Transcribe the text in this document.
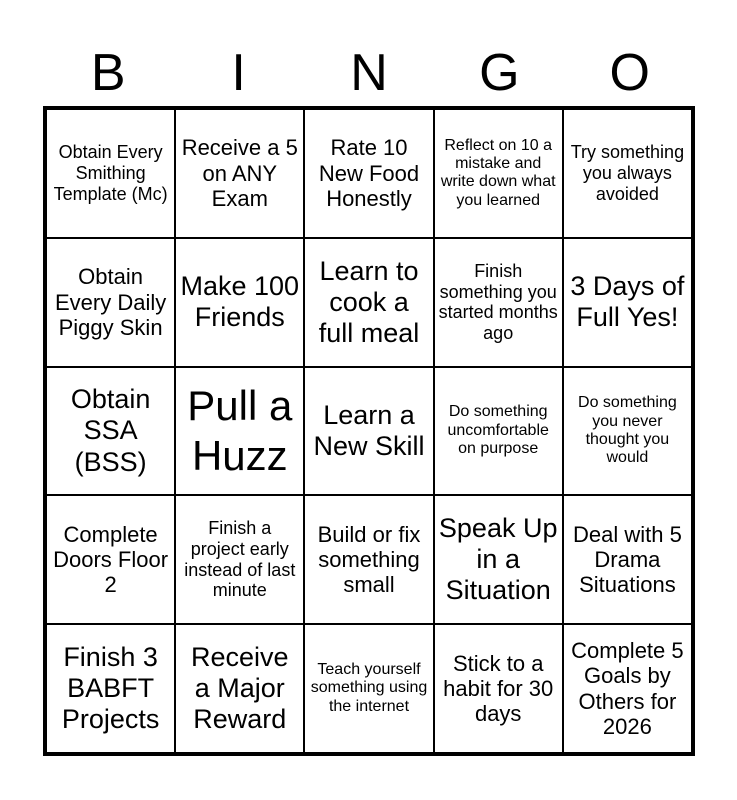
B	I	N	G	O
Obtain Every Smithing Template (Mc)
Receive a 5 on ANY Exam
Rate 10 New Food Honestly
Reflect on 10 a mistake and write down what you learned
Try something you always avoided
Obtain Every Daily Piggy Skin
Make 100 Friends
Learn to cook a full meal
Finish something you started months ago
3 Days of Full Yes!
Obtain SSA (BSS)
Pull a Huzz
Learn a New Skill
Do something uncomfortable on purpose
Do something you never thought you would
Complete Doors Floor 2
Finish a project early instead of last minute
Build or fix something small
Speak Up in a Situation
Deal with 5 Drama Situations
Finish 3 BABFT Projects
Receive a Major Reward
Teach yourself something using the internet
Stick to a habit for 30 days
Complete 5 Goals by Others for 2026
